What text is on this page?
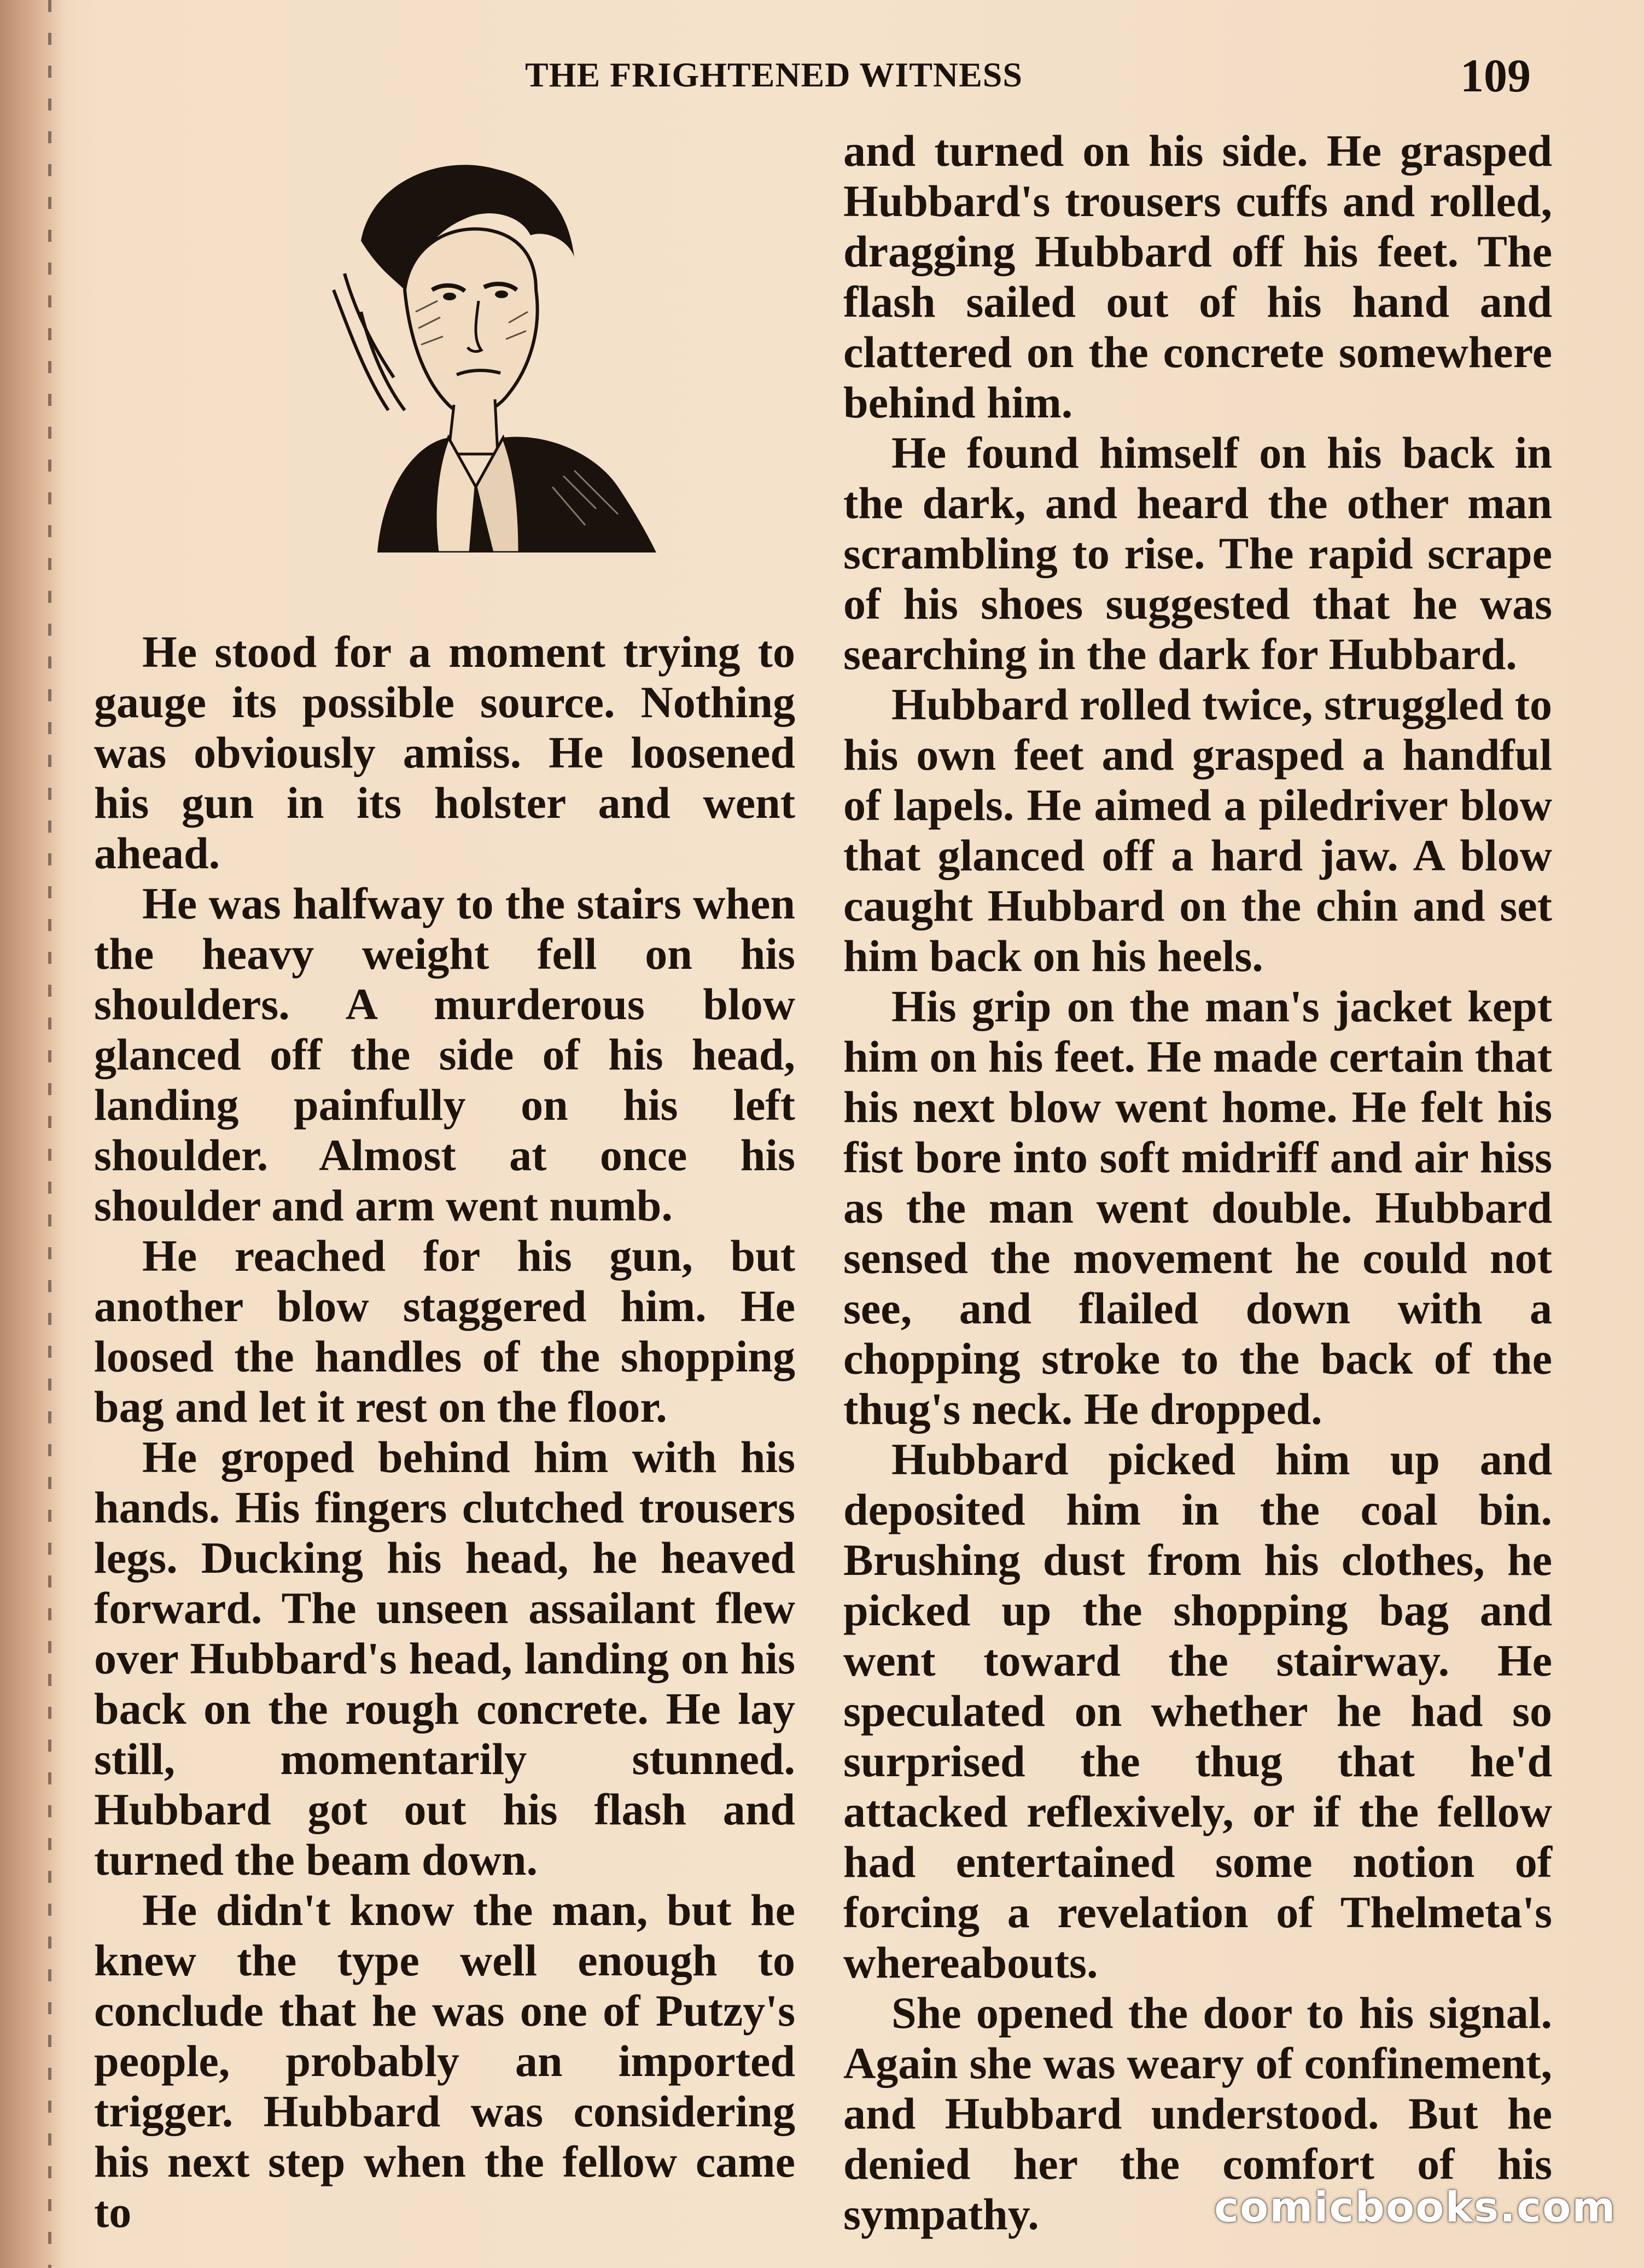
THE FRIGHTENED WITNESS	109

He stood for a moment trying to gauge its possible source. Nothing was obviously amiss. He loosened his gun in its holster and went ahead.

He was halfway to the stairs when the heavy weight fell on his shoulders. A murderous blow glanced off the side of his head, landing painfully on his left shoulder. Almost at once his shoulder and arm went numb.

He reached for his gun, but another blow staggered him. He loosed the handles of the shopping bag and let it rest on the floor.

He groped behind him with his hands. His fingers clutched trousers legs. Ducking his head, he heaved forward. The unseen assailant flew over Hubbard's head, landing on his back on the rough concrete. He lay still, momentarily stunned. Hubbard got out his flash and turned the beam down.

He didn't know the man, but he knew the type well enough to conclude that he was one of Putzy's people, probably an imported trigger. Hubbard was considering his next step when the fellow came to

and turned on his side. He grasped Hubbard's trousers cuffs and rolled, dragging Hubbard off his feet. The flash sailed out of his hand and clattered on the concrete somewhere behind him.

He found himself on his back in the dark, and heard the other man scrambling to rise. The rapid scrape of his shoes suggested that he was searching in the dark for Hubbard.

Hubbard rolled twice, struggled to his own feet and grasped a handful of lapels. He aimed a piledriver blow that glanced off a hard jaw. A blow caught Hubbard on the chin and set him back on his heels.

His grip on the man's jacket kept him on his feet. He made certain that his next blow went home. He felt his fist bore into soft midriff and air hiss as the man went double. Hubbard sensed the movement he could not see, and flailed down with a chopping stroke to the back of the thug's neck. He dropped.

Hubbard picked him up and deposited him in the coal bin. Brushing dust from his clothes, he picked up the shopping bag and went toward the stairway. He speculated on whether he had so surprised the thug that he'd attacked reflexively, or if the fellow had entertained some notion of forcing a revelation of Thelmeta's whereabouts.

She opened the door to his signal. Again she was weary of confinement, and Hubbard understood. But he denied her the comfort of his sympathy.	comicbooks.com
